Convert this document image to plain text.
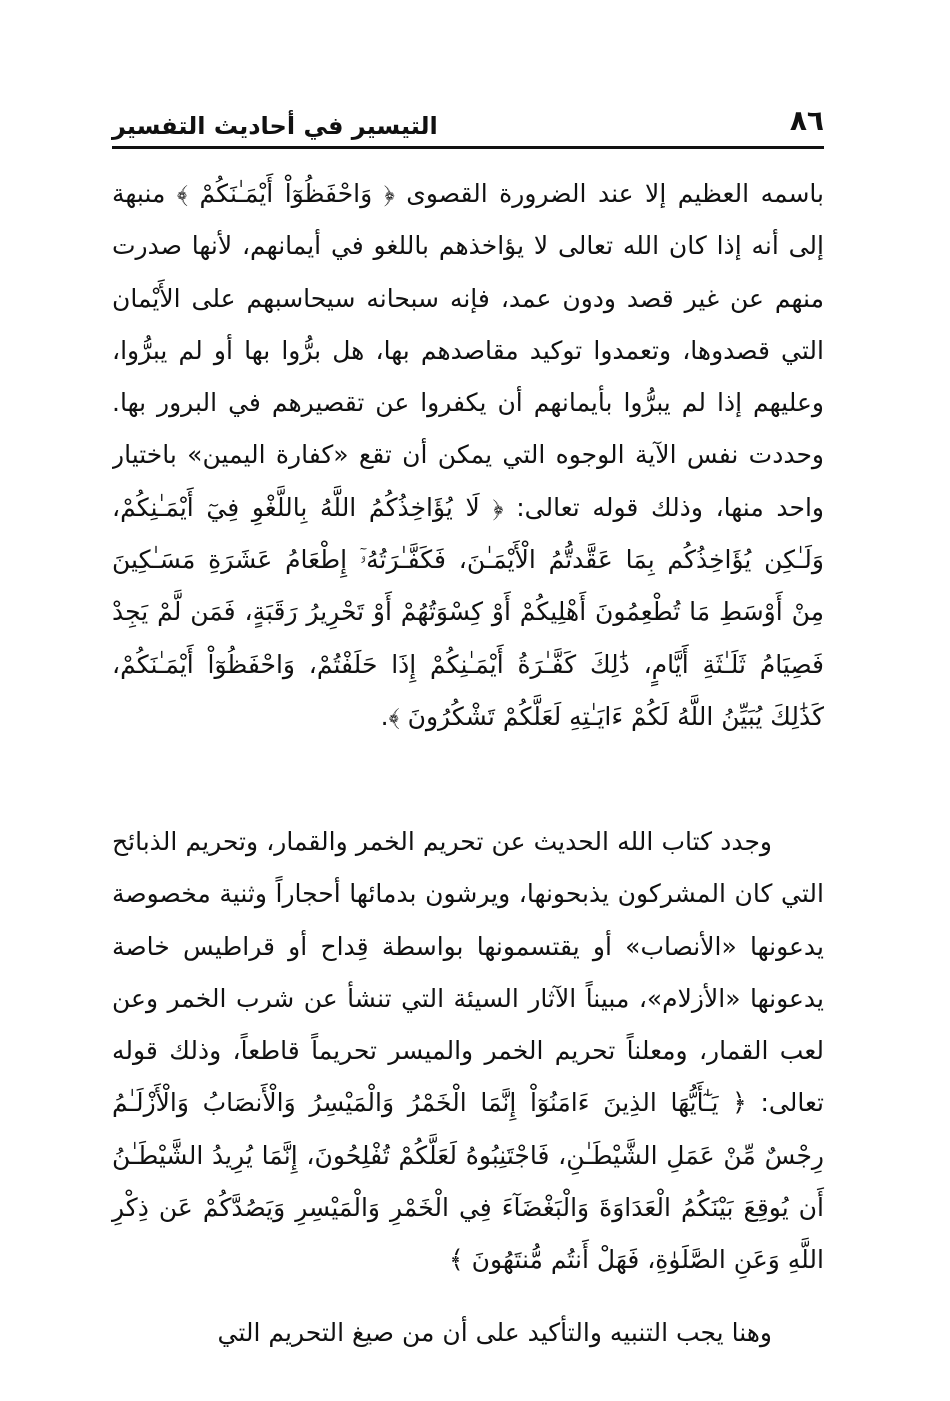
التيسير في أحاديث التفسير	٨٦

باسمه العظيم إلا عند الضرورة القصوى ﴿ وَاحْفَظُوٓاْ أَيْمَـٰنَكُمْ ﴾ منبهة إلى أنه إذا كان الله تعالى لا يؤاخذهم باللغو في أيمانهم، لأنها صدرت منهم عن غير قصد ودون عمد، فإنه سبحانه سيحاسبهم على الأَيْمان التي قصدوها، وتعمدوا توكيد مقاصدهم بها، هل برُّوا بها أو لم يبرُّوا، وعليهم إذا لم يبرُّوا بأيمانهم أن يكفروا عن تقصيرهم في البرور بها. وحددت نفس الآية الوجوه التي يمكن أن تقع «كفارة اليمين» باختيار واحد منها، وذلك قوله تعالى: ﴿ لَا يُؤَاخِذُكُمُ اللَّهُ بِاللَّغْوِ فِيٓ أَيْمَـٰنِكُمْ، وَلَـٰكِن يُؤَاخِذُكُم بِمَا عَقَّدتُّمُ الْأَيْمَـٰنَ، فَكَفَّـٰرَتُهُۥٓ إِطْعَامُ عَشَرَةِ مَسَـٰكِينَ مِنْ أَوْسَطِ مَا تُطْعِمُونَ أَهْلِيكُمْ أَوْ كِسْوَتُهُمْ أَوْ تَحْرِيرُ رَقَبَةٍ، فَمَن لَّمْ يَجِدْ فَصِيَامُ ثَلَـٰثَةِ أَيَّامٍ، ذَٰلِكَ كَفَّـٰرَةُ أَيْمَـٰنِكُمْ إِذَا حَلَفْتُمْ، وَاحْفَظُوٓاْ أَيْمَـٰنَكُمْ، كَذَٰلِكَ يُبَيِّنُ اللَّهُ لَكُمْ ءَايَـٰتِهِ لَعَلَّكُمْ تَشْكُرُونَ ﴾.

وجدد كتاب الله الحديث عن تحريم الخمر والقمار، وتحريم الذبائح التي كان المشركون يذبحونها، ويرشون بدمائها أحجاراً وثنية مخصوصة يدعونها «الأنصاب» أو يقتسمونها بواسطة قِداح أو قراطيس خاصة يدعونها «الأزلام»، مبيناً الآثار السيئة التي تنشأ عن شرب الخمر وعن لعب القمار، ومعلناً تحريم الخمر والميسر تحريماً قاطعاً، وذلك قوله تعالى: ﴿ يَـٰٓأَيُّهَا الذِينَ ءَامَنُوٓاْ إِنَّمَا الْخَمْرُ وَالْمَيْسِرُ وَالْأَنصَابُ وَالْأَزْلَـٰمُ رِجْسٌ مِّنْ عَمَلِ الشَّيْطَـٰنِ، فَاجْتَنِبُوهُ لَعَلَّكُمْ تُفْلِحُونَ، إِنَّمَا يُرِيدُ الشَّيْطَـٰنُ أَن يُوقِعَ بَيْنَكُمُ الْعَدَاوَةَ وَالْبَغْضَآءَ فِي الْخَمْرِ وَالْمَيْسِرِ وَيَصُدَّكُمْ عَن ذِكْرِ اللَّهِ وَعَنِ الصَّلَوٰةِ، فَهَلْ أَنتُم مُّنتَهُونَ ﴾

وهنا يجب التنبيه والتأكيد على أن من صيغ التحريم التي
